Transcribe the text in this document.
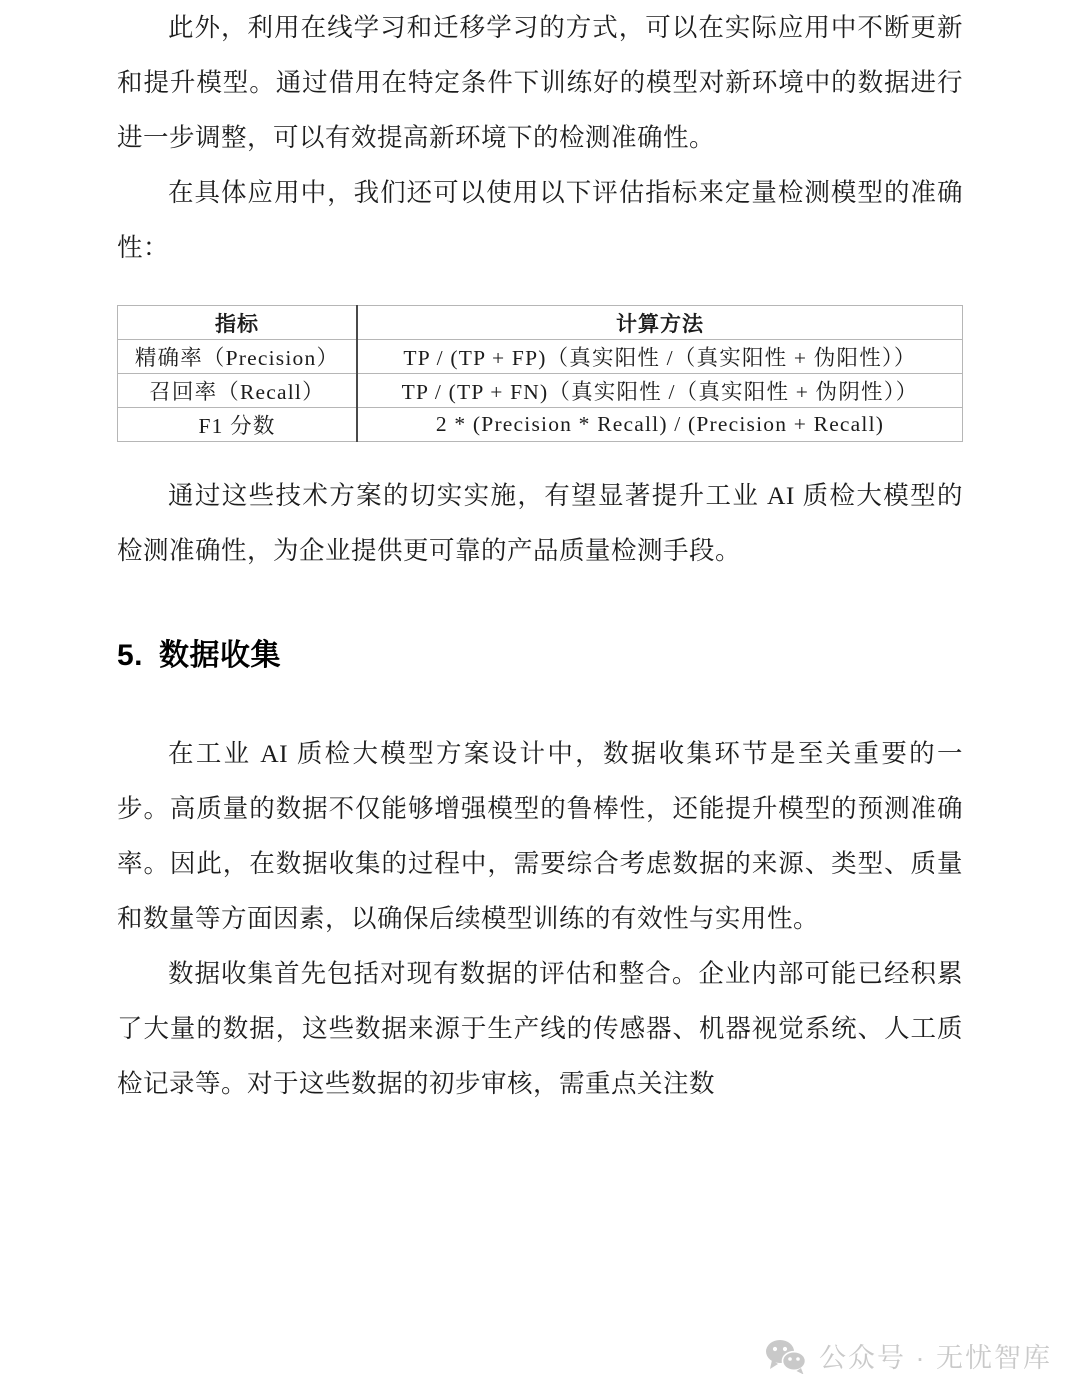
此外，利用在线学习和迁移学习的方式，可以在实际应用中不断更新和提升模型。通过借用在特定条件下训练好的模型对新环境中的数据进行进一步调整，可以有效提高新环境下的检测准确性。

在具体应用中，我们还可以使用以下评估指标来定量检测模型的准确性：

指标	计算方法
精确率（Precision）	TP / (TP + FP)（真实阳性 /（真实阳性 + 伪阳性））
召回率（Recall）	TP / (TP + FN)（真实阳性 /（真实阳性 + 伪阴性））
F1 分数	2 * (Precision * Recall) / (Precision + Recall)

通过这些技术方案的切实实施，有望显著提升工业 AI 质检大模型的检测准确性，为企业提供更可靠的产品质量检测手段。

5. 数据收集

在工业 AI 质检大模型方案设计中，数据收集环节是至关重要的一步。高质量的数据不仅能够增强模型的鲁棒性，还能提升模型的预测准确率。因此，在数据收集的过程中，需要综合考虑数据的来源、类型、质量和数量等方面因素，以确保后续模型训练的有效性与实用性。

数据收集首先包括对现有数据的评估和整合。企业内部可能已经积累了大量的数据，这些数据来源于生产线的传感器、机器视觉系统、人工质检记录等。对于这些数据的初步审核，需重点关注数

公众号 · 无忧智库
